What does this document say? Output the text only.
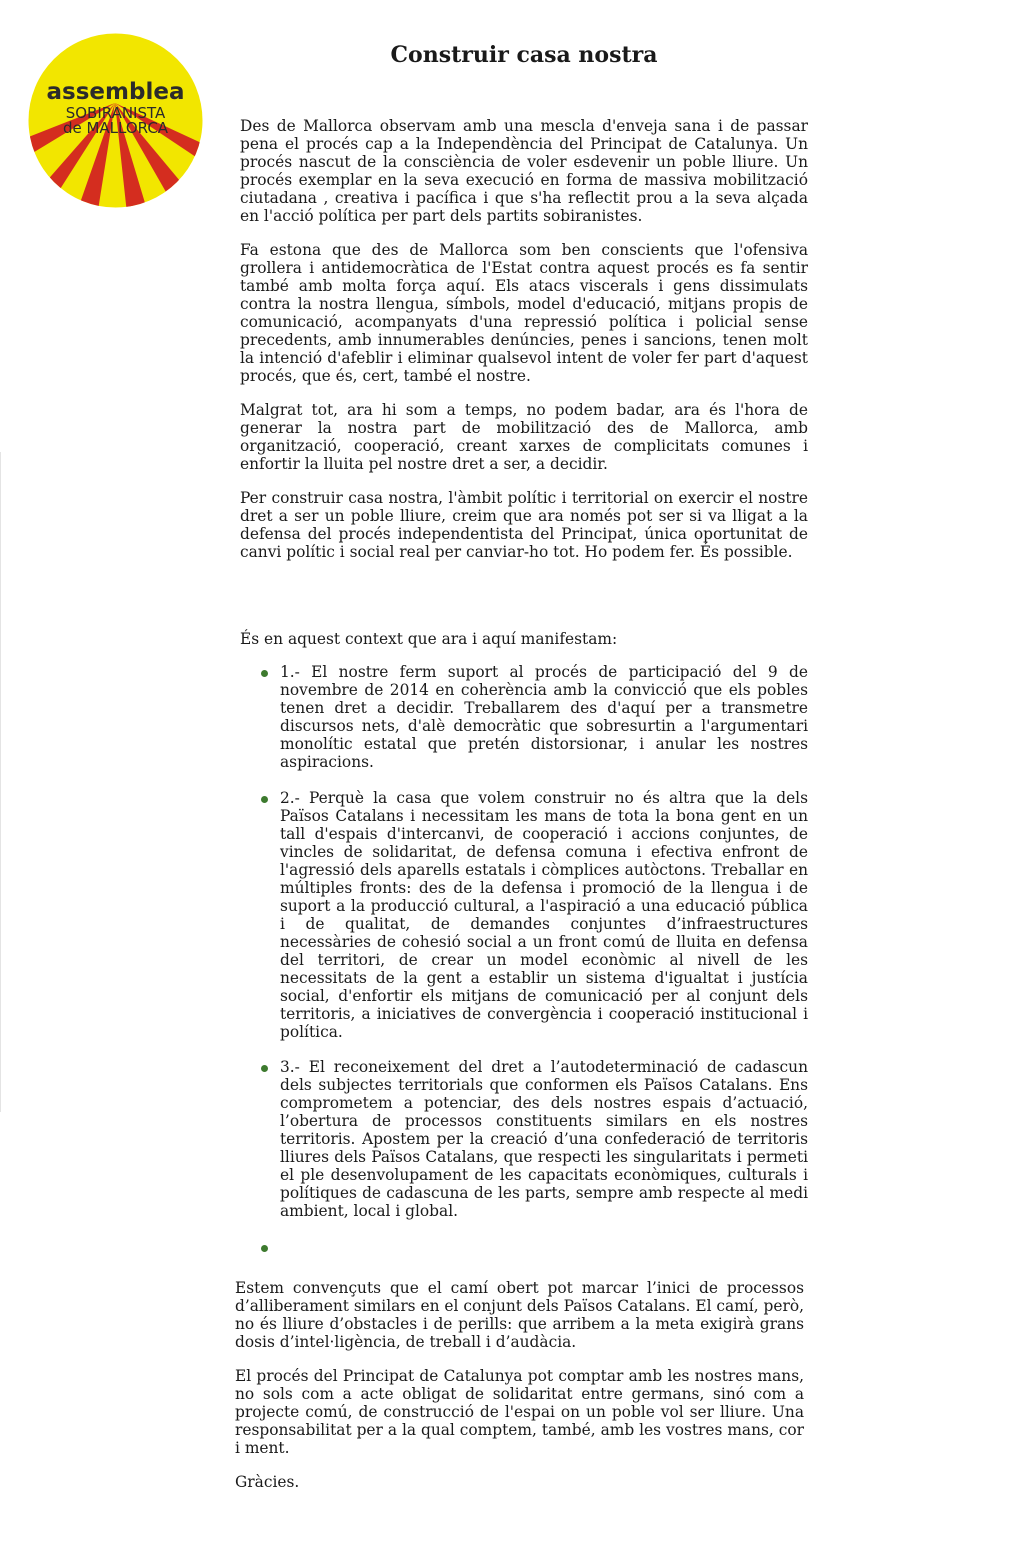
assemblea
SOBIRANISTA
de MALLORCA
Construir casa nostra

Des de Mallorca observam amb una mescla d'enveja sana i de passar pena el procés cap a la Independència del Principat de Catalunya. Un procés nascut de la consciència de voler esdevenir un poble lliure. Un procés exemplar en la seva execució en forma de massiva mobilització ciutadana , creativa i pacífica i que s'ha reflectit prou a la seva alçada en l'acció política per part dels partits sobiranistes.

Fa estona que des de Mallorca som ben conscients que l'ofensiva grollera i antidemocràtica de l'Estat contra aquest procés es fa sentir també amb molta força aquí. Els atacs viscerals i gens dissimulats contra la nostra llengua, símbols, model d'educació, mitjans propis de comunicació, acompanyats d'una repressió política i policial sense precedents, amb innumerables denúncies, penes i sancions, tenen molt la intenció d'afeblir i eliminar qualsevol intent de voler fer part d'aquest procés, que és, cert, també el nostre.

Malgrat tot, ara hi som a temps, no podem badar, ara és l'hora de generar la nostra part de mobilització des de Mallorca, amb organització, cooperació, creant xarxes de complicitats comunes i enfortir la lluita pel nostre dret a ser, a decidir.

Per construir casa nostra, l'àmbit polític i territorial on exercir el nostre dret a ser un poble lliure, creim que ara només pot ser si va lligat a la defensa del procés independentista del Principat, única oportunitat de canvi polític i social real per canviar-ho tot. Ho podem fer. És possible.

És en aquest context que ara i aquí manifestam:

1.- El nostre ferm suport al procés de participació del 9 de novembre de 2014 en coherència amb la convicció que els pobles tenen dret a decidir. Treballarem des d'aquí per a transmetre discursos nets, d'alè democràtic que sobresurtin a l'argumentari monolític estatal que pretén distorsionar, i anular les nostres aspiracions.
2.- Perquè la casa que volem construir no és altra que la dels Països Catalans i necessitam les mans de tota la bona gent en un tall d'espais d'intercanvi, de cooperació i accions conjuntes, de vincles de solidaritat, de defensa comuna i efectiva enfront de l'agressió dels aparells estatals i còmplices autòctons. Treballar en múltiples fronts: des de la defensa i promoció de la llengua i de suport a la producció cultural, a l'aspiració a una educació pública i de qualitat, de demandes conjuntes d’infraestructures necessàries de cohesió social a un front comú de lluita en defensa del territori, de crear un model econòmic al nivell de les necessitats de la gent a establir un sistema d'igualtat i justícia social, d'enfortir els mitjans de comunicació per al conjunt dels territoris, a iniciatives de convergència i cooperació institucional i política.
3.- El reconeixement del dret a l’autodeterminació de cadascun dels subjectes territorials que conformen els Països Catalans. Ens comprometem a potenciar, des dels nostres espais d’actuació, l’obertura de processos constituents similars en els nostres territoris. Apostem per la creació d’una confederació de territoris lliures dels Països Catalans, que respecti les singularitats i permeti el ple desenvolupament de les capacitats econòmiques, culturals i polítiques de cadascuna de les parts, sempre amb respecte al medi ambient, local i global.

Estem convençuts que el camí obert pot marcar l’inici de processos d’alliberament similars en el conjunt dels Països Catalans. El camí, però, no és lliure d’obstacles i de perills: que arribem a la meta exigirà grans dosis d’intel·ligència, de treball i d’audàcia.

El procés del Principat de Catalunya pot comptar amb les nostres mans, no sols com a acte obligat de solidaritat entre germans, sinó com a projecte comú, de construcció de l'espai on un poble vol ser lliure. Una responsabilitat per a la qual comptem, també, amb les vostres mans, cor i ment.

Gràcies.
